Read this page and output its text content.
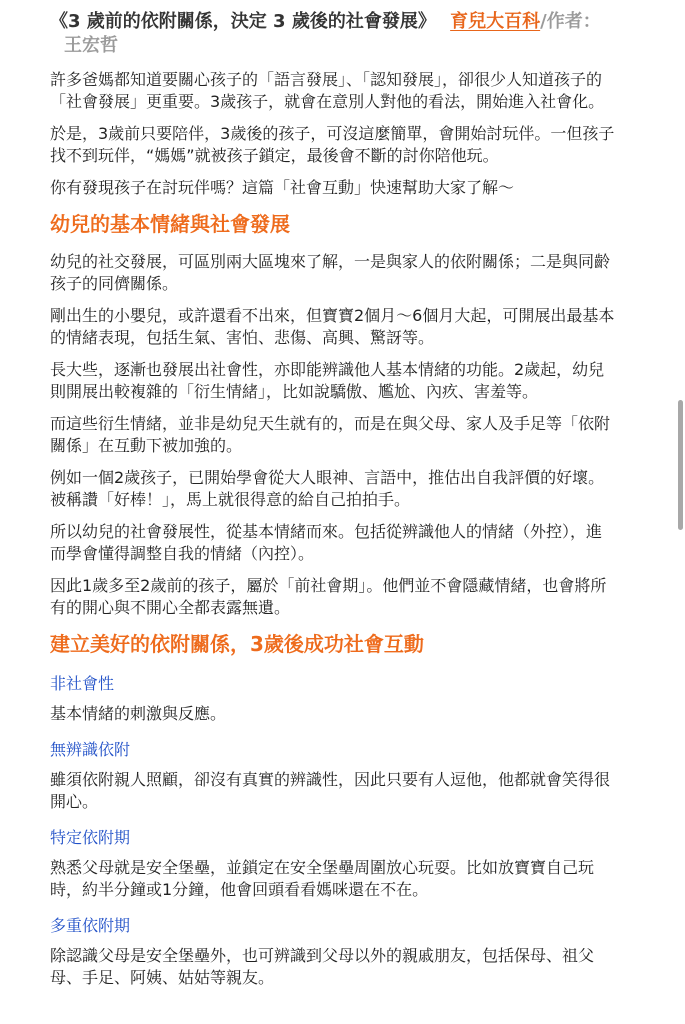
《3 歲前的依附關係，決定 3 歲後的社會發展》 育兒大百科/作者：王宏哲

許多爸媽都知道要關心孩子的「語言發展」、「認知發展」，卻很少人知道孩子的「社會發展」更重要。3歲孩子，就會在意別人對他的看法，開始進入社會化。

於是，3歲前只要陪伴，3歲後的孩子，可沒這麼簡單，會開始討玩伴。一但孩子找不到玩伴，“媽媽”就被孩子鎖定，最後會不斷的討你陪他玩。

你有發現孩子在討玩伴嗎？這篇「社會互動」快速幫助大家了解～

幼兒的基本情緒與社會發展

幼兒的社交發展，可區別兩大區塊來了解，一是與家人的依附關係；二是與同齡孩子的同儕關係。

剛出生的小嬰兒，或許還看不出來，但寶寶2個月～6個月大起，可開展出最基本的情緒表現，包括生氣、害怕、悲傷、高興、驚訝等。

長大些，逐漸也發展出社會性，亦即能辨識他人基本情緒的功能。2歲起，幼兒則開展出較複雜的「衍生情緒」，比如說驕傲、尷尬、內疚、害羞等。

而這些衍生情緒，並非是幼兒天生就有的，而是在與父母、家人及手足等「依附關係」在互動下被加強的。

例如一個2歲孩子，已開始學會從大人眼神、言語中，推估出自我評價的好壞。被稱讚「好棒！」，馬上就很得意的給自己拍拍手。

所以幼兒的社會發展性，從基本情緒而來。包括從辨識他人的情緒（外控），進而學會懂得調整自我的情緒（內控）。

因此1歲多至2歲前的孩子，屬於「前社會期」。他們並不會隱藏情緒，也會將所有的開心與不開心全都表露無遺。

建立美好的依附關係，3歲後成功社會互動
非社會性

基本情緒的刺激與反應。

無辨識依附

雖須依附親人照顧，卻沒有真實的辨識性，因此只要有人逗他，他都就會笑得很開心。

特定依附期

熟悉父母就是安全堡壘，並鎖定在安全堡壘周圍放心玩耍。比如放寶寶自己玩時，約半分鐘或1分鐘，他會回頭看看媽咪還在不在。

多重依附期

除認識父母是安全堡壘外，也可辨識到父母以外的親戚朋友，包括保母、祖父母、手足、阿姨、姑姑等親友。
